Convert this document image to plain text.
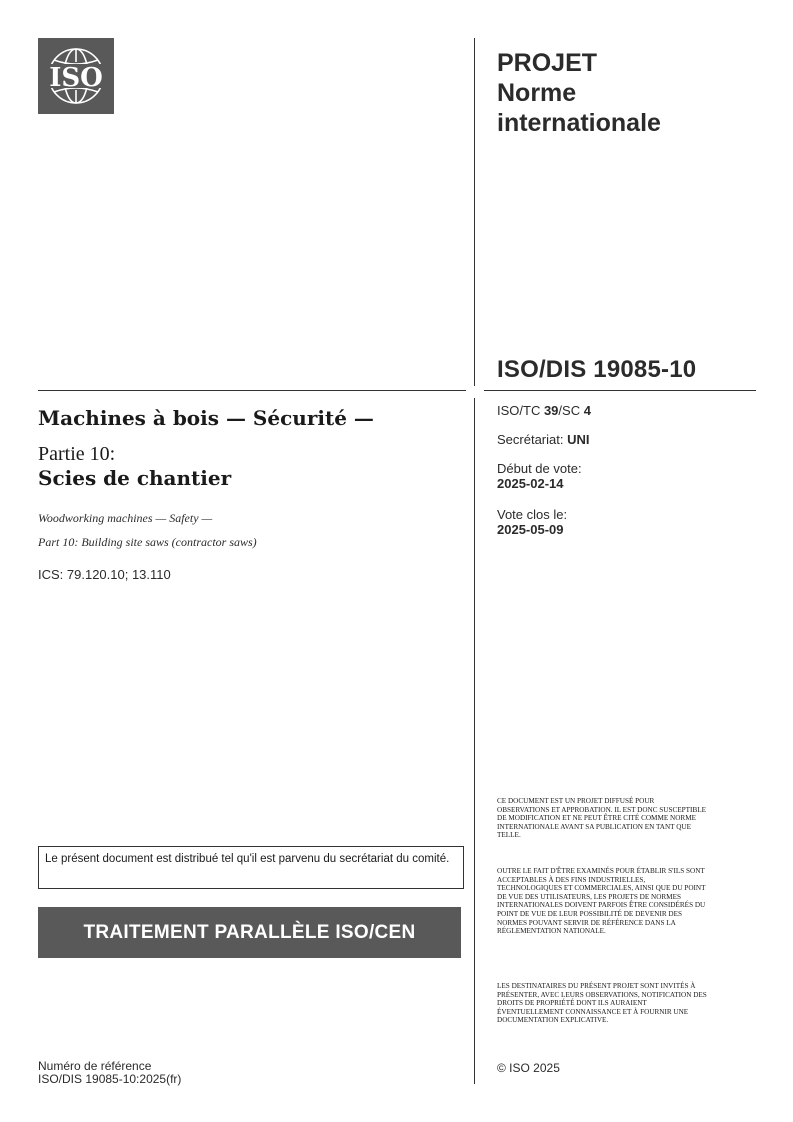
ISO	PROJET
Norme
internationale
ISO/DIS 19085-10
ISO/TC 39/SC 4
Secrétariat: UNI
Début de vote:
2025-02-14
Vote clos le:
2025-05-09
Machines à bois — Sécurité —
Partie 10:
Scies de chantier
Woodworking machines — Safety —
Part 10: Building site saws (contractor saws)
ICS: 79.120.10; 13.110
Le présent document est distribué tel qu'il est parvenu du secrétariat du comité.
TRAITEMENT PARALLÈLE ISO/CEN
Numéro de référence
ISO/DIS 19085-10:2025(fr)
CE DOCUMENT EST UN PROJET DIFFUSÉ POUR OBSERVATIONS ET APPROBATION. IL EST DONC SUSCEPTIBLE DE MODIFICATION ET NE PEUT ÊTRE CITÉ COMME NORME INTERNATIONALE AVANT SA PUBLICATION EN TANT QUE TELLE.
OUTRE LE FAIT D'ÊTRE EXAMINÉS POUR ÉTABLIR S'ILS SONT ACCEPTABLES À DES FINS INDUSTRIELLES, TECHNOLOGIQUES ET COMMERCIALES, AINSI QUE DU POINT DE VUE DES UTILISATEURS, LES PROJETS DE NORMES INTERNATIONALES DOIVENT PARFOIS ÊTRE CONSIDÉRÉS DU POINT DE VUE DE LEUR POSSIBILITÉ DE DEVENIR DES NORMES POUVANT SERVIR DE RÉFÉRENCE DANS LA RÉGLEMENTATION NATIONALE.
LES DESTINATAIRES DU PRÉSENT PROJET SONT INVITÉS À PRÉSENTER, AVEC LEURS OBSERVATIONS, NOTIFICATION DES DROITS DE PROPRIÉTÉ DONT ILS AURAIENT ÉVENTUELLEMENT CONNAISSANCE ET À FOURNIR UNE DOCUMENTATION EXPLICATIVE.
© ISO 2025
